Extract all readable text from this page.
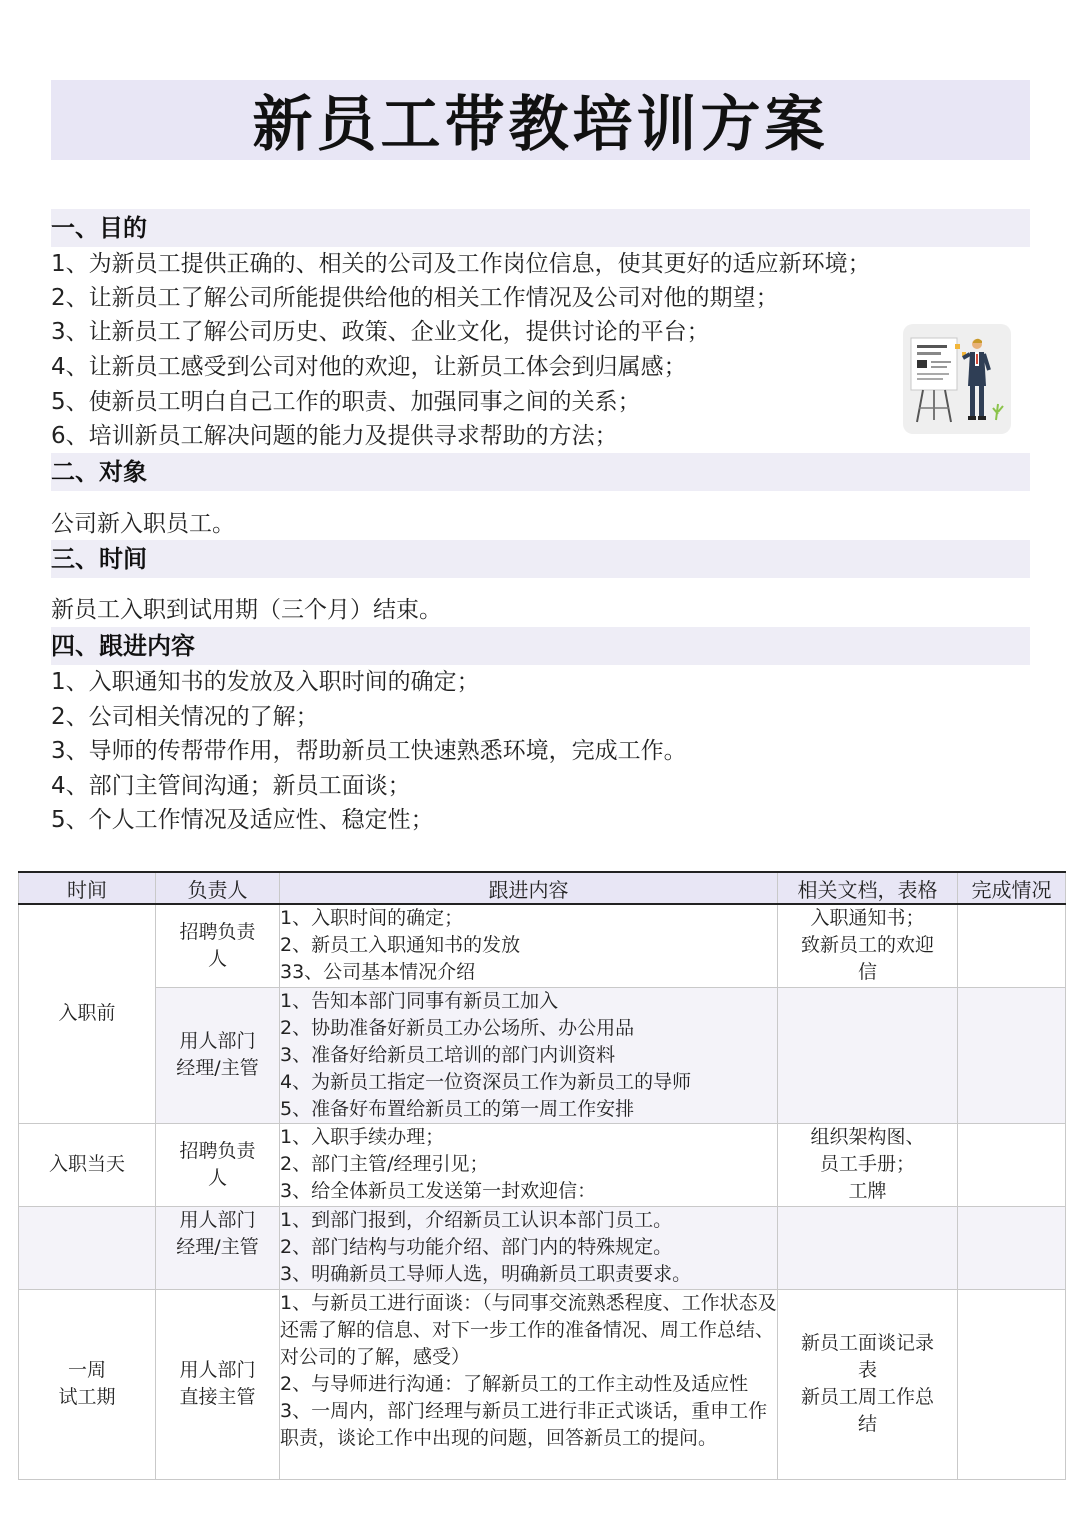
新员工带教培训方案
一、目的
1、为新员工提供正确的、相关的公司及工作岗位信息，使其更好的适应新环境；
2、让新员工了解公司所能提供给他的相关工作情况及公司对他的期望；
3、让新员工了解公司历史、政策、企业文化，提供讨论的平台；
4、让新员工感受到公司对他的欢迎，让新员工体会到归属感；
5、使新员工明白自己工作的职责、加强同事之间的关系；
6、培训新员工解决问题的能力及提供寻求帮助的方法；
二、对象
公司新入职员工。
三、时间
新员工入职到试用期（三个月）结束。
四、跟进内容
1、入职通知书的发放及入职时间的确定；
2、公司相关情况的了解；
3、导师的传帮带作用，帮助新员工快速熟悉环境，完成工作。
4、部门主管间沟通；新员工面谈；
5、个人工作情况及适应性、稳定性；
时间	负责人	跟进内容	相关文档，表格	完成情况
入职前	招聘负责
人	1、入职时间的确定；
2、新员工入职通知书的发放
33、公司基本情况介绍	入职通知书；
致新员工的欢迎
信	

	用人部门
经理/主管	1、告知本部门同事有新员工加入
2、协助准备好新员工办公场所、办公用品
3、准备好给新员工培训的部门内训资料
4、为新员工指定一位资深员工作为新员工的导师
5、准备好布置给新员工的第一周工作安排		

入职当天	招聘负责
人	1、入职手续办理；
2、部门主管/经理引见；
3、给全体新员工发送第一封欢迎信：	组织架构图、
员工手册；
工牌	

	用人部门
经理/主管	1、到部门报到，介绍新员工认识本部门员工。
2、部门结构与功能介绍、部门内的特殊规定。
3、明确新员工导师人选，明确新员工职责要求。		

一周
试工期	用人部门
直接主管	1、与新员工进行面谈：（与同事交流熟悉程度、工作状态及还需了解的信息、对下一步工作的准备情况、周工作总结、对公司的了解，感受）
2、与导师进行沟通：了解新员工的工作主动性及适应性
3、一周内，部门经理与新员工进行非正式谈话，重申工作职责，谈论工作中出现的问题，回答新员工的提问。	新员工面谈记录
表
新员工周工作总
结	
